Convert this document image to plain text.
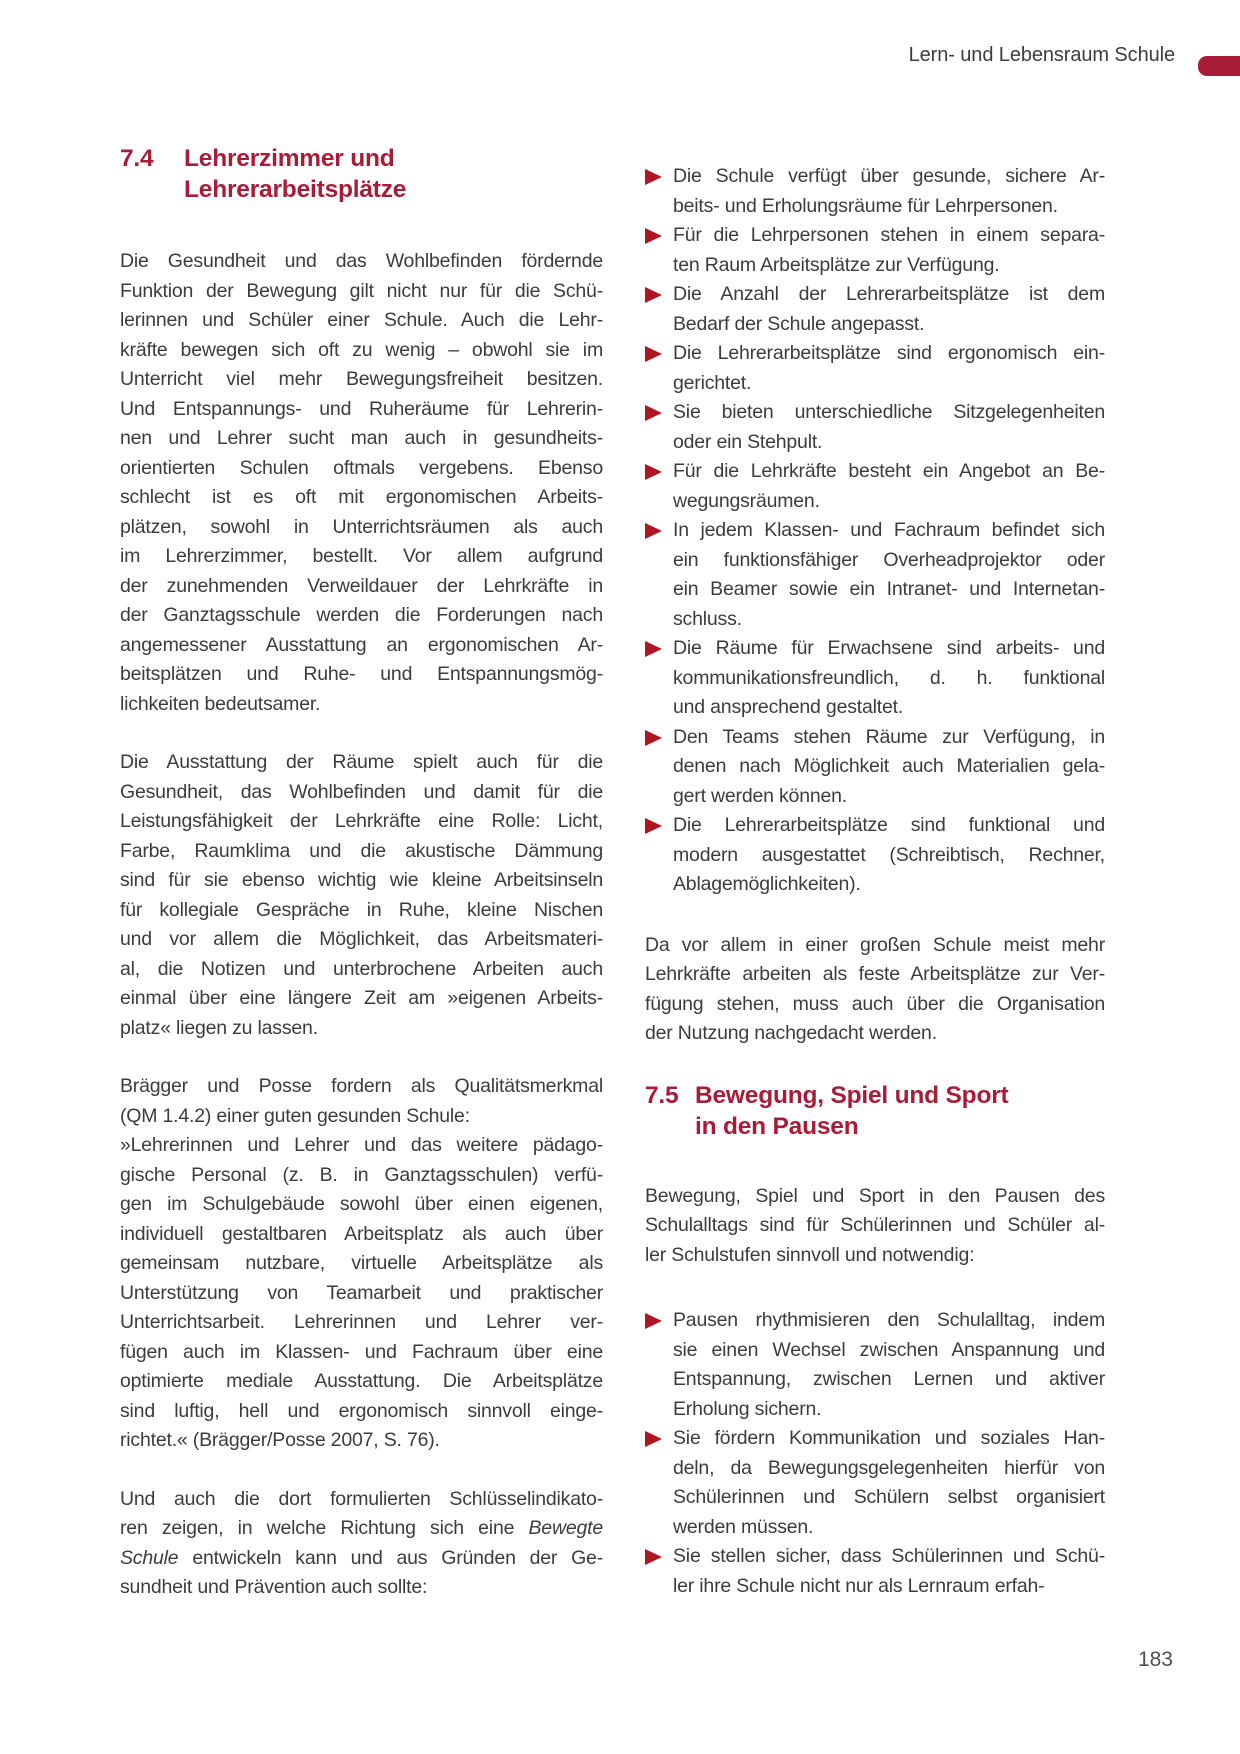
Lern- und Lebensraum Schule
7.4	Lehrerzimmer und
Lehrerarbeitsplätze
Die Gesundheit und das Wohlbefinden fördernde
Funktion der Bewegung gilt nicht nur für die Schü-
lerinnen und Schüler einer Schule. Auch die Lehr-
kräfte bewegen sich oft zu wenig – obwohl sie im
Unterricht viel mehr Bewegungsfreiheit besitzen.
Und Entspannungs- und Ruheräume für Lehrerin-
nen und Lehrer sucht man auch in gesundheits-
orientierten Schulen oftmals vergebens. Ebenso
schlecht ist es oft mit ergonomischen Arbeits-
plätzen, sowohl in Unterrichtsräumen als auch
im Lehrerzimmer, bestellt. Vor allem aufgrund
der zunehmenden Verweildauer der Lehrkräfte in
der Ganztagsschule werden die Forderungen nach
angemessener Ausstattung an ergonomischen Ar-
beitsplätzen und Ruhe- und Entspannungsmög-
lichkeiten bedeutsamer.
Die Ausstattung der Räume spielt auch für die
Gesundheit, das Wohlbefinden und damit für die
Leistungsfähigkeit der Lehrkräfte eine Rolle: Licht,
Farbe, Raumklima und die akustische Dämmung
sind für sie ebenso wichtig wie kleine Arbeitsinseln
für kollegiale Gespräche in Ruhe, kleine Nischen
und vor allem die Möglichkeit, das Arbeitsmateri-
al, die Notizen und unterbrochene Arbeiten auch
einmal über eine längere Zeit am »eigenen Arbeits-
platz« liegen zu lassen.
Brägger und Posse fordern als Qualitätsmerkmal
(QM 1.4.2) einer guten gesunden Schule:
»Lehrerinnen und Lehrer und das weitere pädago-
gische Personal (z. B. in Ganztagsschulen) verfü-
gen im Schulgebäude sowohl über einen eigenen,
individuell gestaltbaren Arbeitsplatz als auch über
gemeinsam nutzbare, virtuelle Arbeitsplätze als
Unterstützung von Teamarbeit und praktischer
Unterrichtsarbeit. Lehrerinnen und Lehrer ver-
fügen auch im Klassen- und Fachraum über eine
optimierte mediale Ausstattung. Die Arbeitsplätze
sind luftig, hell und ergonomisch sinnvoll einge-
richtet.« (Brägger/Posse 2007, S. 76).
Und auch die dort formulierten Schlüsselindikato-
ren zeigen, in welche Richtung sich eine Bewegte
Schule entwickeln kann und aus Gründen der Ge-
sundheit und Prävention auch sollte:
Die Schule verfügt über gesunde, sichere Ar-
beits- und Erholungsräume für Lehrpersonen.
Für die Lehrpersonen stehen in einem separa-
ten Raum Arbeitsplätze zur Verfügung.
Die Anzahl der Lehrerarbeitsplätze ist dem
Bedarf der Schule angepasst.
Die Lehrerarbeitsplätze sind ergonomisch ein-
gerichtet.
Sie bieten unterschiedliche Sitzgelegenheiten
oder ein Stehpult.
Für die Lehrkräfte besteht ein Angebot an Be-
wegungsräumen.
In jedem Klassen- und Fachraum befindet sich
ein funktionsfähiger Overheadprojektor oder
ein Beamer sowie ein Intranet- und Internetan-
schluss.
Die Räume für Erwachsene sind arbeits- und
kommunikationsfreundlich, d. h. funktional
und ansprechend gestaltet.
Den Teams stehen Räume zur Verfügung, in
denen nach Möglichkeit auch Materialien gela-
gert werden können.
Die Lehrerarbeitsplätze sind funktional und
modern ausgestattet (Schreibtisch, Rechner,
Ablagemöglichkeiten).
Da vor allem in einer großen Schule meist mehr
Lehrkräfte arbeiten als feste Arbeitsplätze zur Ver-
fügung stehen, muss auch über die Organisation
der Nutzung nachgedacht werden.
7.5 Bewegung, Spiel und Sport
in den Pausen
Bewegung, Spiel und Sport in den Pausen des
Schulalltags sind für Schülerinnen und Schüler al-
ler Schulstufen sinnvoll und notwendig:
Pausen rhythmisieren den Schulalltag, indem
sie einen Wechsel zwischen Anspannung und
Entspannung, zwischen Lernen und aktiver
Erholung sichern.
Sie fördern Kommunikation und soziales Han-
deln, da Bewegungsgelegenheiten hierfür von
Schülerinnen und Schülern selbst organisiert
werden müssen.
Sie stellen sicher, dass Schülerinnen und Schü-
ler ihre Schule nicht nur als Lernraum erfah-
183
